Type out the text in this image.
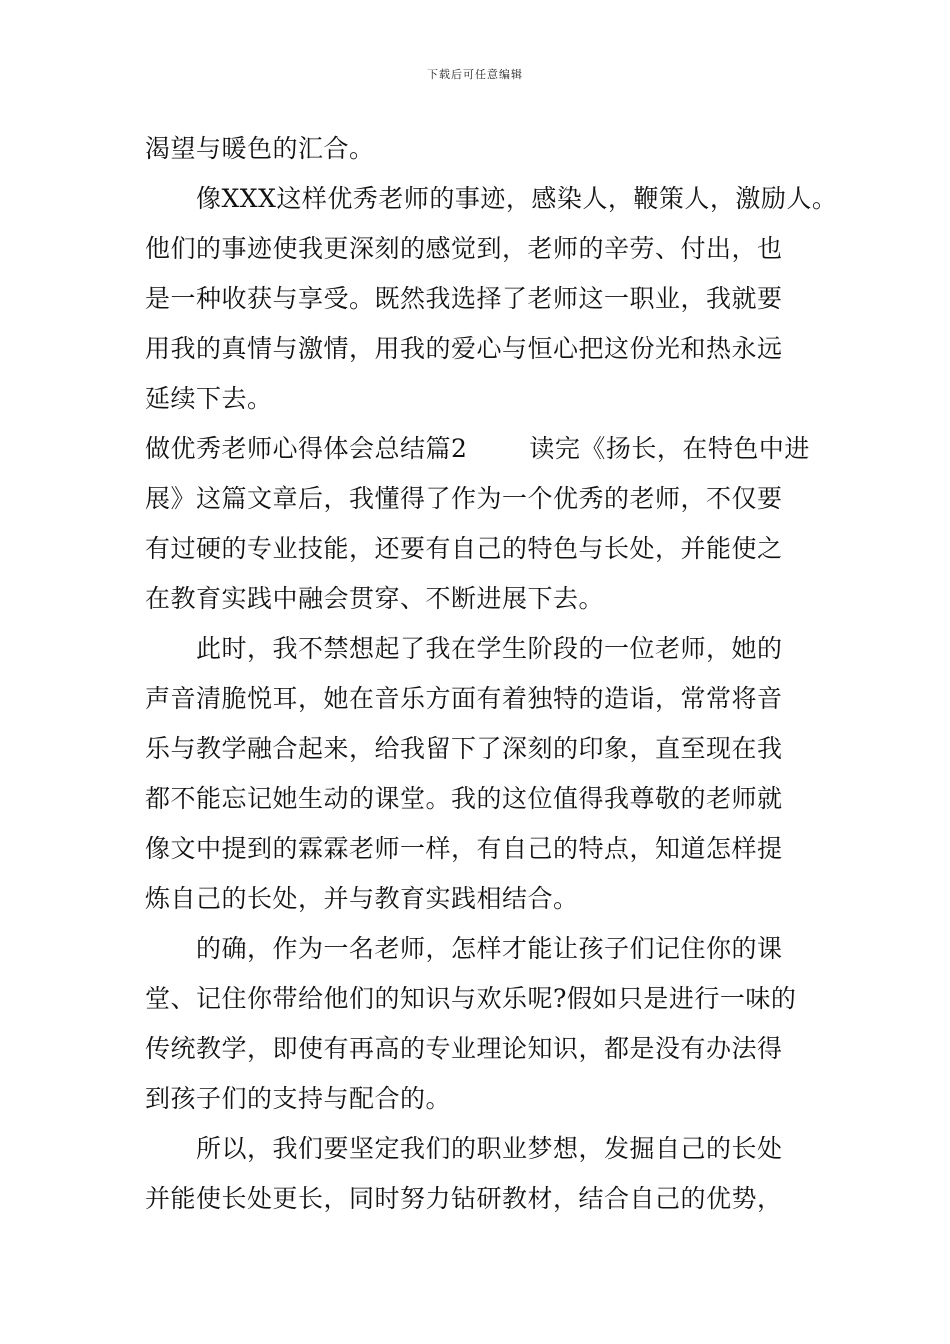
下载后可任意编辑
渴望与暖色的汇合。
像XXX这样优秀老师的事迹，感染人，鞭策人，激励人。
他们的事迹使我更深刻的感觉到，老师的辛劳、付出，也
是一种收获与享受。既然我选择了老师这一职业，我就要
用我的真情与激情，用我的爱心与恒心把这份光和热永远
延续下去。
做优秀老师心得体会总结篇2 读完《扬长，在特色中进
展》这篇文章后，我懂得了作为一个优秀的老师，不仅要
有过硬的专业技能，还要有自己的特色与长处，并能使之
在教育实践中融会贯穿、不断进展下去。
此时，我不禁想起了我在学生阶段的一位老师，她的
声音清脆悦耳，她在音乐方面有着独特的造诣，常常将音
乐与教学融合起来，给我留下了深刻的印象，直至现在我
都不能忘记她生动的课堂。我的这位值得我尊敬的老师就
像文中提到的霖霖老师一样，有自己的特点，知道怎样提
炼自己的长处，并与教育实践相结合。
的确，作为一名老师，怎样才能让孩子们记住你的课
堂、记住你带给他们的知识与欢乐呢?假如只是进行一味的
传统教学，即使有再高的专业理论知识，都是没有办法得
到孩子们的支持与配合的。
所以，我们要坚定我们的职业梦想，发掘自己的长处
并能使长处更长，同时努力钻研教材，结合自己的优势，
